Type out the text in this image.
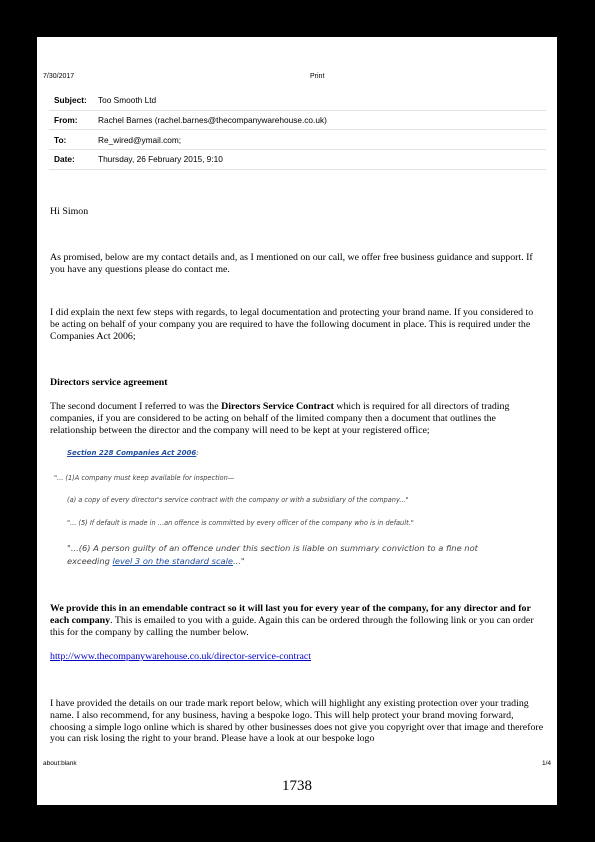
7/30/2017	Print
Subject:	Too Smooth Ltd
From:	Rachel Barnes (rachel.barnes@thecompanywarehouse.co.uk)
To:	Re_wired@ymail.com;
Date:	Thursday, 26 February 2015, 9:10
Hi Simon
As promised, below are my contact details and, as I mentioned on our call, we offer free business guidance and support. If you have any questions please do contact me.
I did explain the next few steps with regards, to legal documentation and protecting your brand name. If you considered to be acting on behalf of your company you are required to have the following document in place. This is required under the Companies Act 2006;
Directors service agreement
The second document I referred to was the Directors Service Contract which is required for all directors of trading companies, if you are considered to be acting on behalf of the limited company then a document that outlines the relationship between the director and the company will need to be kept at your registered office;
Section 228 Companies Act 2006:
"... (1)A company must keep available for inspection—
(a) a copy of every director's service contract with the company or with a subsidiary of the company..."
"... (5) If default is made in ...an offence is committed by every officer of the company who is in default."
"...(6) A person guilty of an offence under this section is liable on summary conviction to a fine not exceeding level 3 on the standard scale..."
We provide this in an emendable contract so it will last you for every year of the company, for any director and for each company. This is emailed to you with a guide. Again this can be ordered through the following link or you can order this for the company by calling the number below.
http://www.thecompanywarehouse.co.uk/director-service-contract
I have provided the details on our trade mark report below, which will highlight any existing protection over your trading name. I also recommend, for any business, having a bespoke logo. This will help protect your brand moving forward, choosing a simple logo online which is shared by other businesses does not give you copyright over that image and therefore you can risk losing the right to your brand. Please have a look at our bespoke logo
about:blank	1/4
1738
